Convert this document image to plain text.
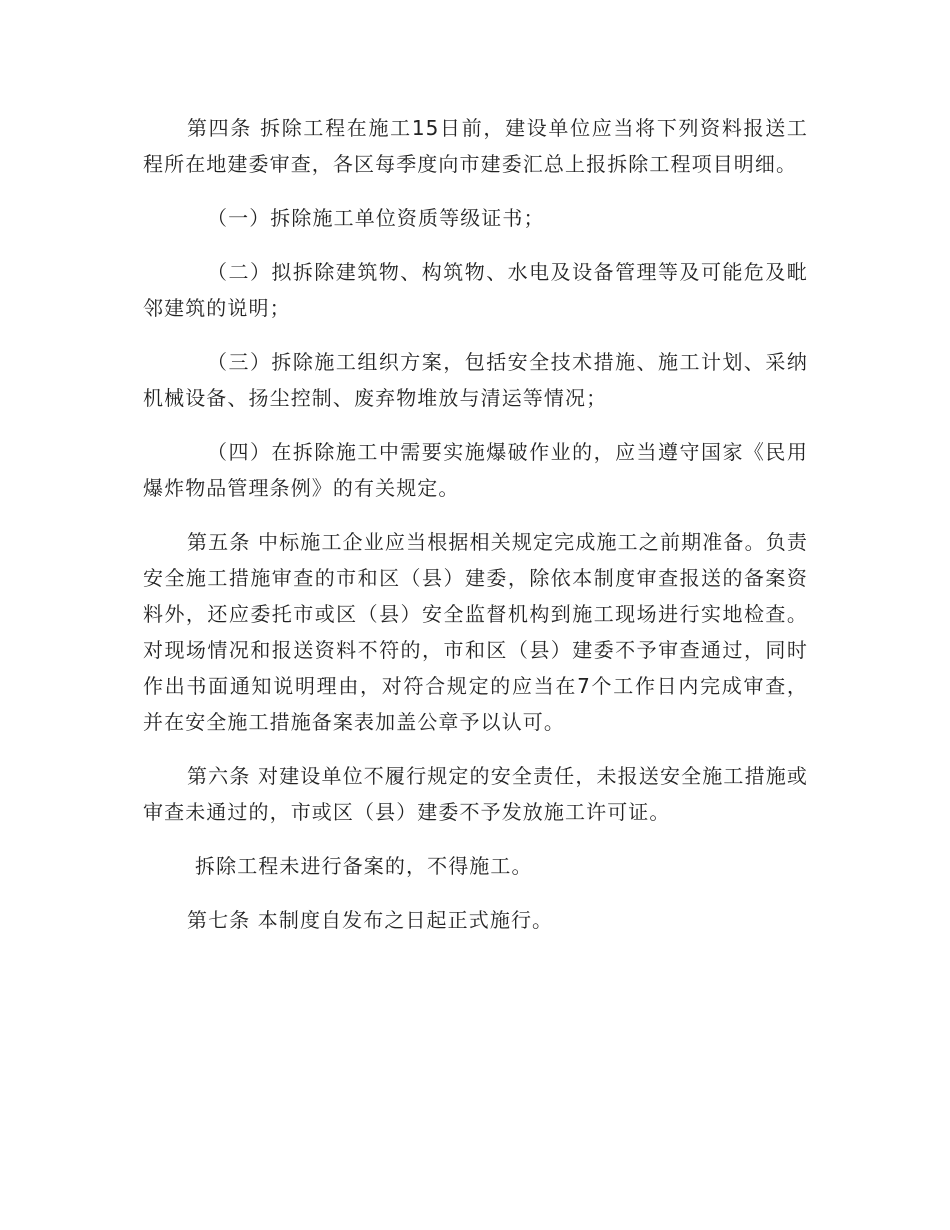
第四条 拆除工程在施工15日前，建设单位应当将下列资料报送工程所在地建委审查，各区每季度向市建委汇总上报拆除工程项目明细。

（一）拆除施工单位资质等级证书；

（二）拟拆除建筑物、构筑物、水电及设备管理等及可能危及毗邻建筑的说明；

（三）拆除施工组织方案，包括安全技术措施、施工计划、采纳机械设备、扬尘控制、废弃物堆放与清运等情况；

（四）在拆除施工中需要实施爆破作业的，应当遵守国家《民用爆炸物品管理条例》的有关规定。

第五条 中标施工企业应当根据相关规定完成施工之前期准备。负责安全施工措施审查的市和区（县）建委，除依本制度审查报送的备案资料外，还应委托市或区（县）安全监督机构到施工现场进行实地检查。对现场情况和报送资料不符的，市和区（县）建委不予审查通过，同时作出书面通知说明理由，对符合规定的应当在7个工作日内完成审查，并在安全施工措施备案表加盖公章予以认可。

第六条 对建设单位不履行规定的安全责任，未报送安全施工措施或审查未通过的，市或区（县）建委不予发放施工许可证。

拆除工程未进行备案的，不得施工。

第七条 本制度自发布之日起正式施行。
